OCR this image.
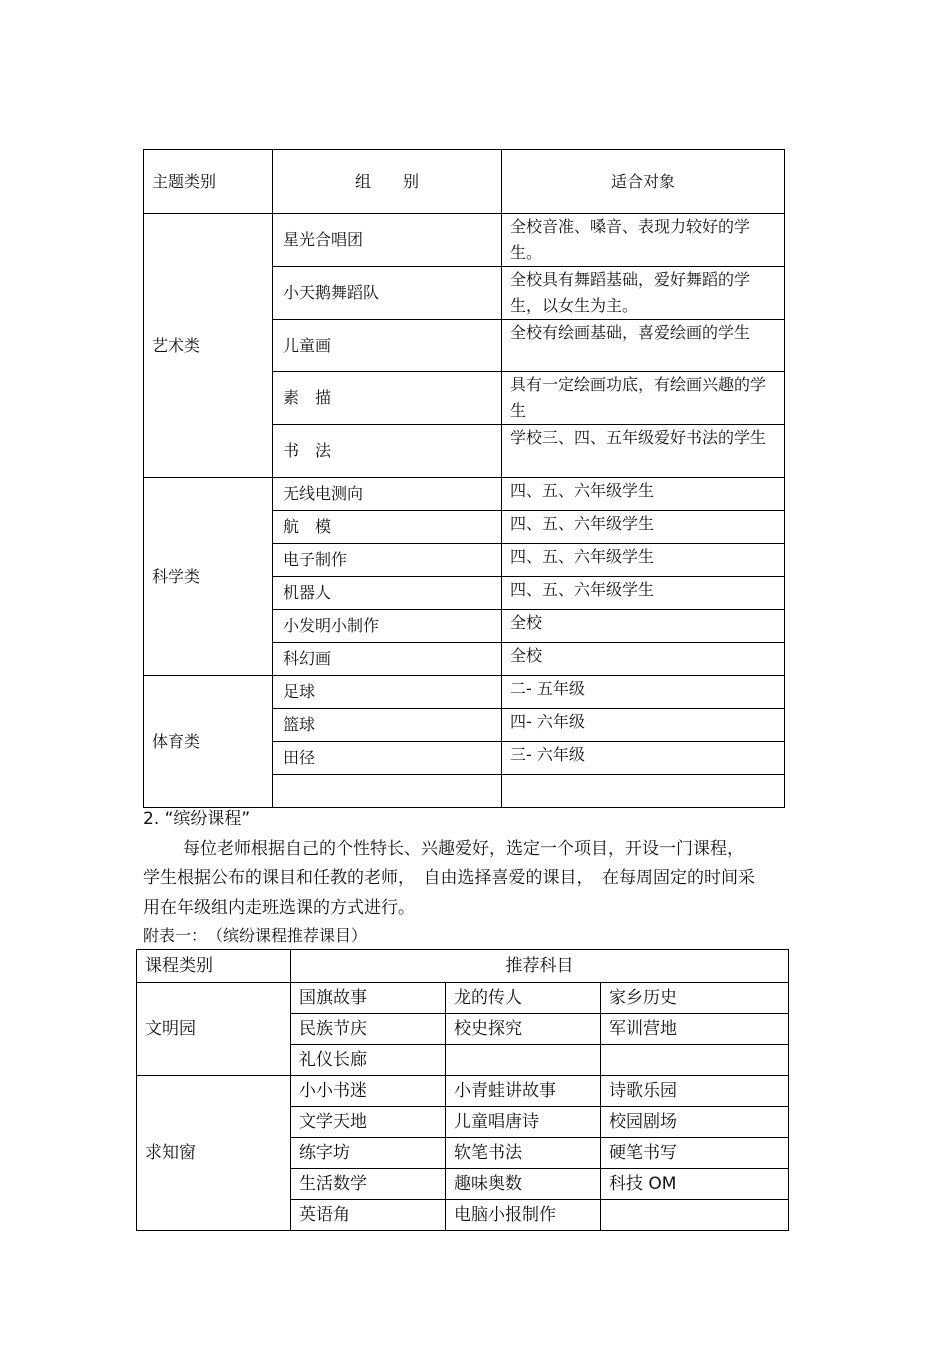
主题类别	组　　别	适合对象
艺术类	星光合唱团	全校音准、嗓音、表现力较好的学生。
	小天鹅舞蹈队	全校具有舞蹈基础，爱好舞蹈的学生，以女生为主。
	儿童画	全校有绘画基础，喜爱绘画的学生
	素　描	具有一定绘画功底，有绘画兴趣的学生
	书　法	学校三、四、五年级爱好书法的学生
科学类	无线电测向	四、五、六年级学生
	航　模	四、五、六年级学生
	电子制作	四、五、六年级学生
	机器人	四、五、六年级学生
	小发明小制作	全校
	科幻画	全校
体育类	足球	二- 五年级
	篮球	四- 六年级
	田径	三- 六年级

2. “缤纷课程”
每位老师根据自己的个性特长、兴趣爱好，选定一个项目，开设一门课程，
学生根据公布的课目和任教的老师，　自由选择喜爱的课目，　在每周固定的时间采
用在年级组内走班选课的方式进行。
附表一：　（缤纷课程推荐课目）
课程类别	推荐科目		
文明园	国旗故事	龙的传人	家乡历史
	民族节庆	校史探究	军训营地
	礼仪长廊		
求知窗	小小书迷	小青蛙讲故事	诗歌乐园
	文学天地	儿童唱唐诗	校园剧场
	练字坊	软笔书法	硬笔书写
	生活数学	趣味奥数	科技 OM
	英语角	电脑小报制作	
